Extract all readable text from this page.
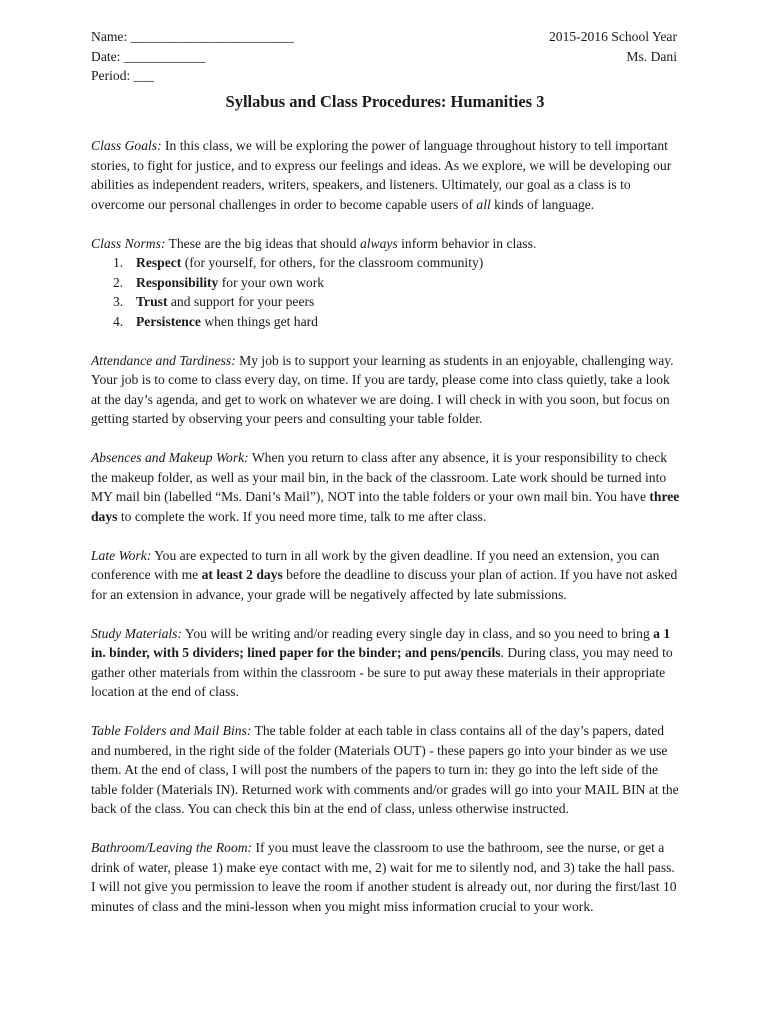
Name: ________________________
Date: ____________
Period: ___
2015-2016 School Year
Ms. Dani
Syllabus and Class Procedures: Humanities 3

Class Goals: In this class, we will be exploring the power of language throughout history to tell important stories, to fight for justice, and to express our feelings and ideas. As we explore, we will be developing our abilities as independent readers, writers, speakers, and listeners. Ultimately, our goal as a class is to overcome our personal challenges in order to become capable users of all kinds of language.

Class Norms: These are the big ideas that should always inform behavior in class.

1. Respect (for yourself, for others, for the classroom community)
2. Responsibility for your own work
3. Trust and support for your peers
4. Persistence when things get hard

Attendance and Tardiness: My job is to support your learning as students in an enjoyable, challenging way. Your job is to come to class every day, on time. If you are tardy, please come into class quietly, take a look at the day’s agenda, and get to work on whatever we are doing. I will check in with you soon, but focus on getting started by observing your peers and consulting your table folder.

Absences and Makeup Work: When you return to class after any absence, it is your responsibility to check the makeup folder, as well as your mail bin, in the back of the classroom. Late work should be turned into MY mail bin (labelled “Ms. Dani’s Mail”), NOT into the table folders or your own mail bin. You have three days to complete the work. If you need more time, talk to me after class.

Late Work: You are expected to turn in all work by the given deadline. If you need an extension, you can conference with me at least 2 days before the deadline to discuss your plan of action. If you have not asked for an extension in advance, your grade will be negatively affected by late submissions.

Study Materials: You will be writing and/or reading every single day in class, and so you need to bring a 1 in. binder, with 5 dividers; lined paper for the binder; and pens/pencils. During class, you may need to gather other materials from within the classroom - be sure to put away these materials in their appropriate location at the end of class.

Table Folders and Mail Bins: The table folder at each table in class contains all of the day’s papers, dated and numbered, in the right side of the folder (Materials OUT) - these papers go into your binder as we use them. At the end of class, I will post the numbers of the papers to turn in: they go into the left side of the table folder (Materials IN). Returned work with comments and/or grades will go into your MAIL BIN at the back of the class. You can check this bin at the end of class, unless otherwise instructed.

Bathroom/Leaving the Room: If you must leave the classroom to use the bathroom, see the nurse, or get a drink of water, please 1) make eye contact with me, 2) wait for me to silently nod, and 3) take the hall pass. I will not give you permission to leave the room if another student is already out, nor during the first/last 10 minutes of class and the mini-lesson when you might miss information crucial to your work.
